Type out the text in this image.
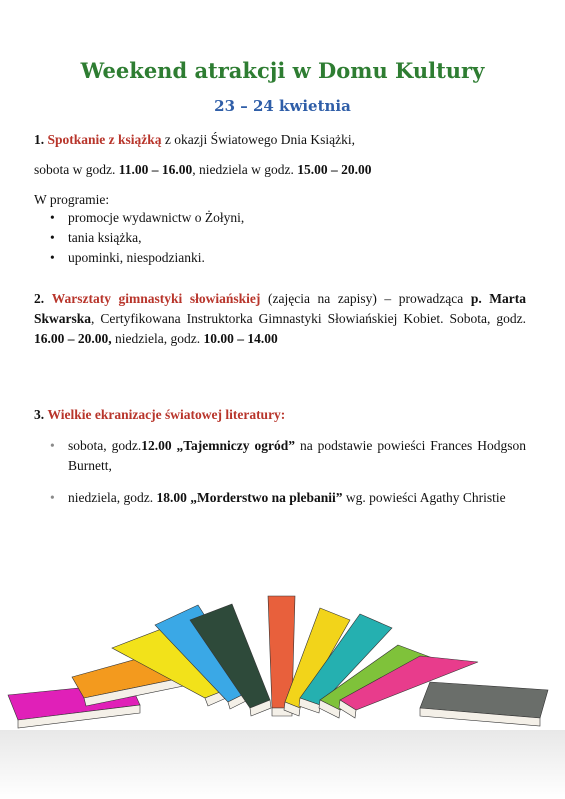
Weekend atrakcji w Domu Kultury
23 – 24 kwietnia
1. Spotkanie z książką z okazji Światowego Dnia Książki,
sobota w godz. 11.00 – 16.00, niedziela w godz. 15.00 – 20.00
W programie:
• promocje wydawnictw o Żołyni,
• tania książka,
• upominki, niespodzianki.
2. Warsztaty gimnastyki słowiańskiej (zajęcia na zapisy) – prowadząca p. Marta Skwarska, Certyfikowana Instruktorka Gimnastyki Słowiańskiej Kobiet. Sobota, godz. 16.00 – 20.00, niedziela, godz. 10.00 – 14.00
3. Wielkie ekranizacje światowej literatury:
• sobota, godz.12.00 „Tajemniczy ogród” na podstawie powieści Frances Hodgson Burnett,
• niedziela, godz. 18.00 „Morderstwo na plebanii” wg. powieści Agathy Christie
